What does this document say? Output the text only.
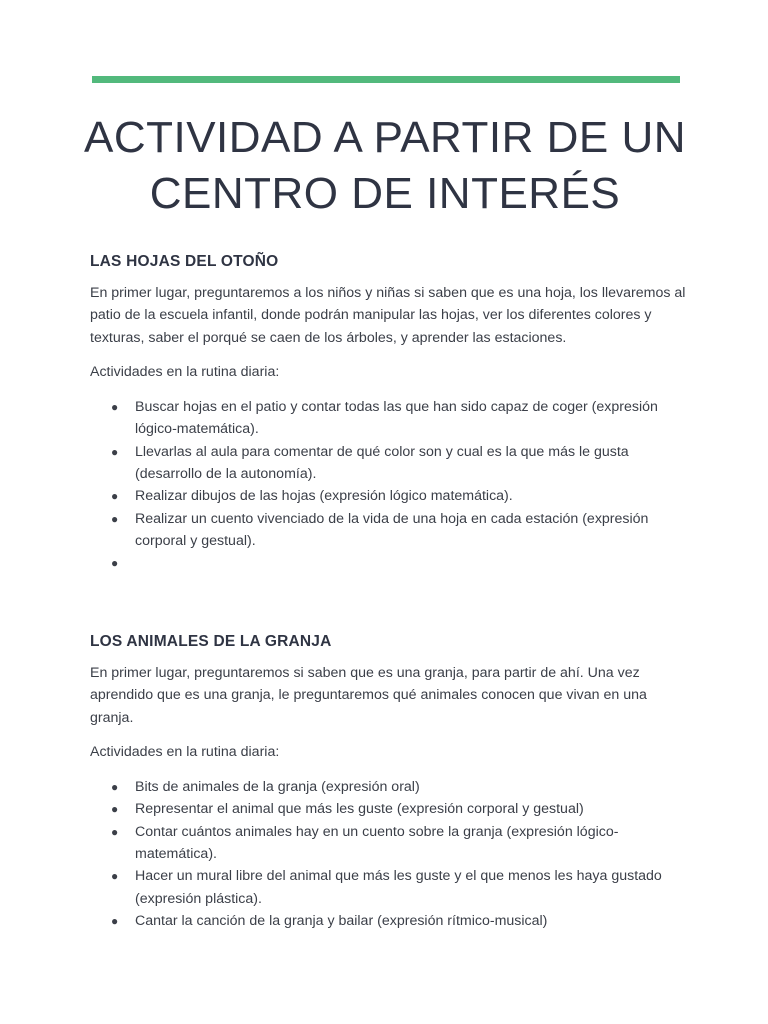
ACTIVIDAD A PARTIR DE UN CENTRO DE INTERÉS
LAS HOJAS DEL OTOÑO

En primer lugar, preguntaremos a los niños y niñas si saben que es una hoja, los llevaremos al patio de la escuela infantil, donde podrán manipular las hojas, ver los diferentes colores y texturas, saber el porqué se caen de los árboles, y aprender las estaciones.

Actividades en la rutina diaria:

● Buscar hojas en el patio y contar todas las que han sido capaz de coger (expresión lógico-matemática).
● Llevarlas al aula para comentar de qué color son y cual es la que más le gusta (desarrollo de la autonomía).
● Realizar dibujos de las hojas (expresión lógico matemática).
● Realizar un cuento vivenciado de la vida de una hoja en cada estación (expresión corporal y gestual).
●
LOS ANIMALES DE LA GRANJA

En primer lugar, preguntaremos si saben que es una granja, para partir de ahí. Una vez aprendido que es una granja, le preguntaremos qué animales conocen que vivan en una granja.

Actividades en la rutina diaria:

● Bits de animales de la granja (expresión oral)
● Representar el animal que más les guste (expresión corporal y gestual)
● Contar cuántos animales hay en un cuento sobre la granja (expresión lógico-matemática).
● Hacer un mural libre del animal que más les guste y el que menos les haya gustado (expresión plástica).
● Cantar la canción de la granja y bailar (expresión rítmico-musical)
